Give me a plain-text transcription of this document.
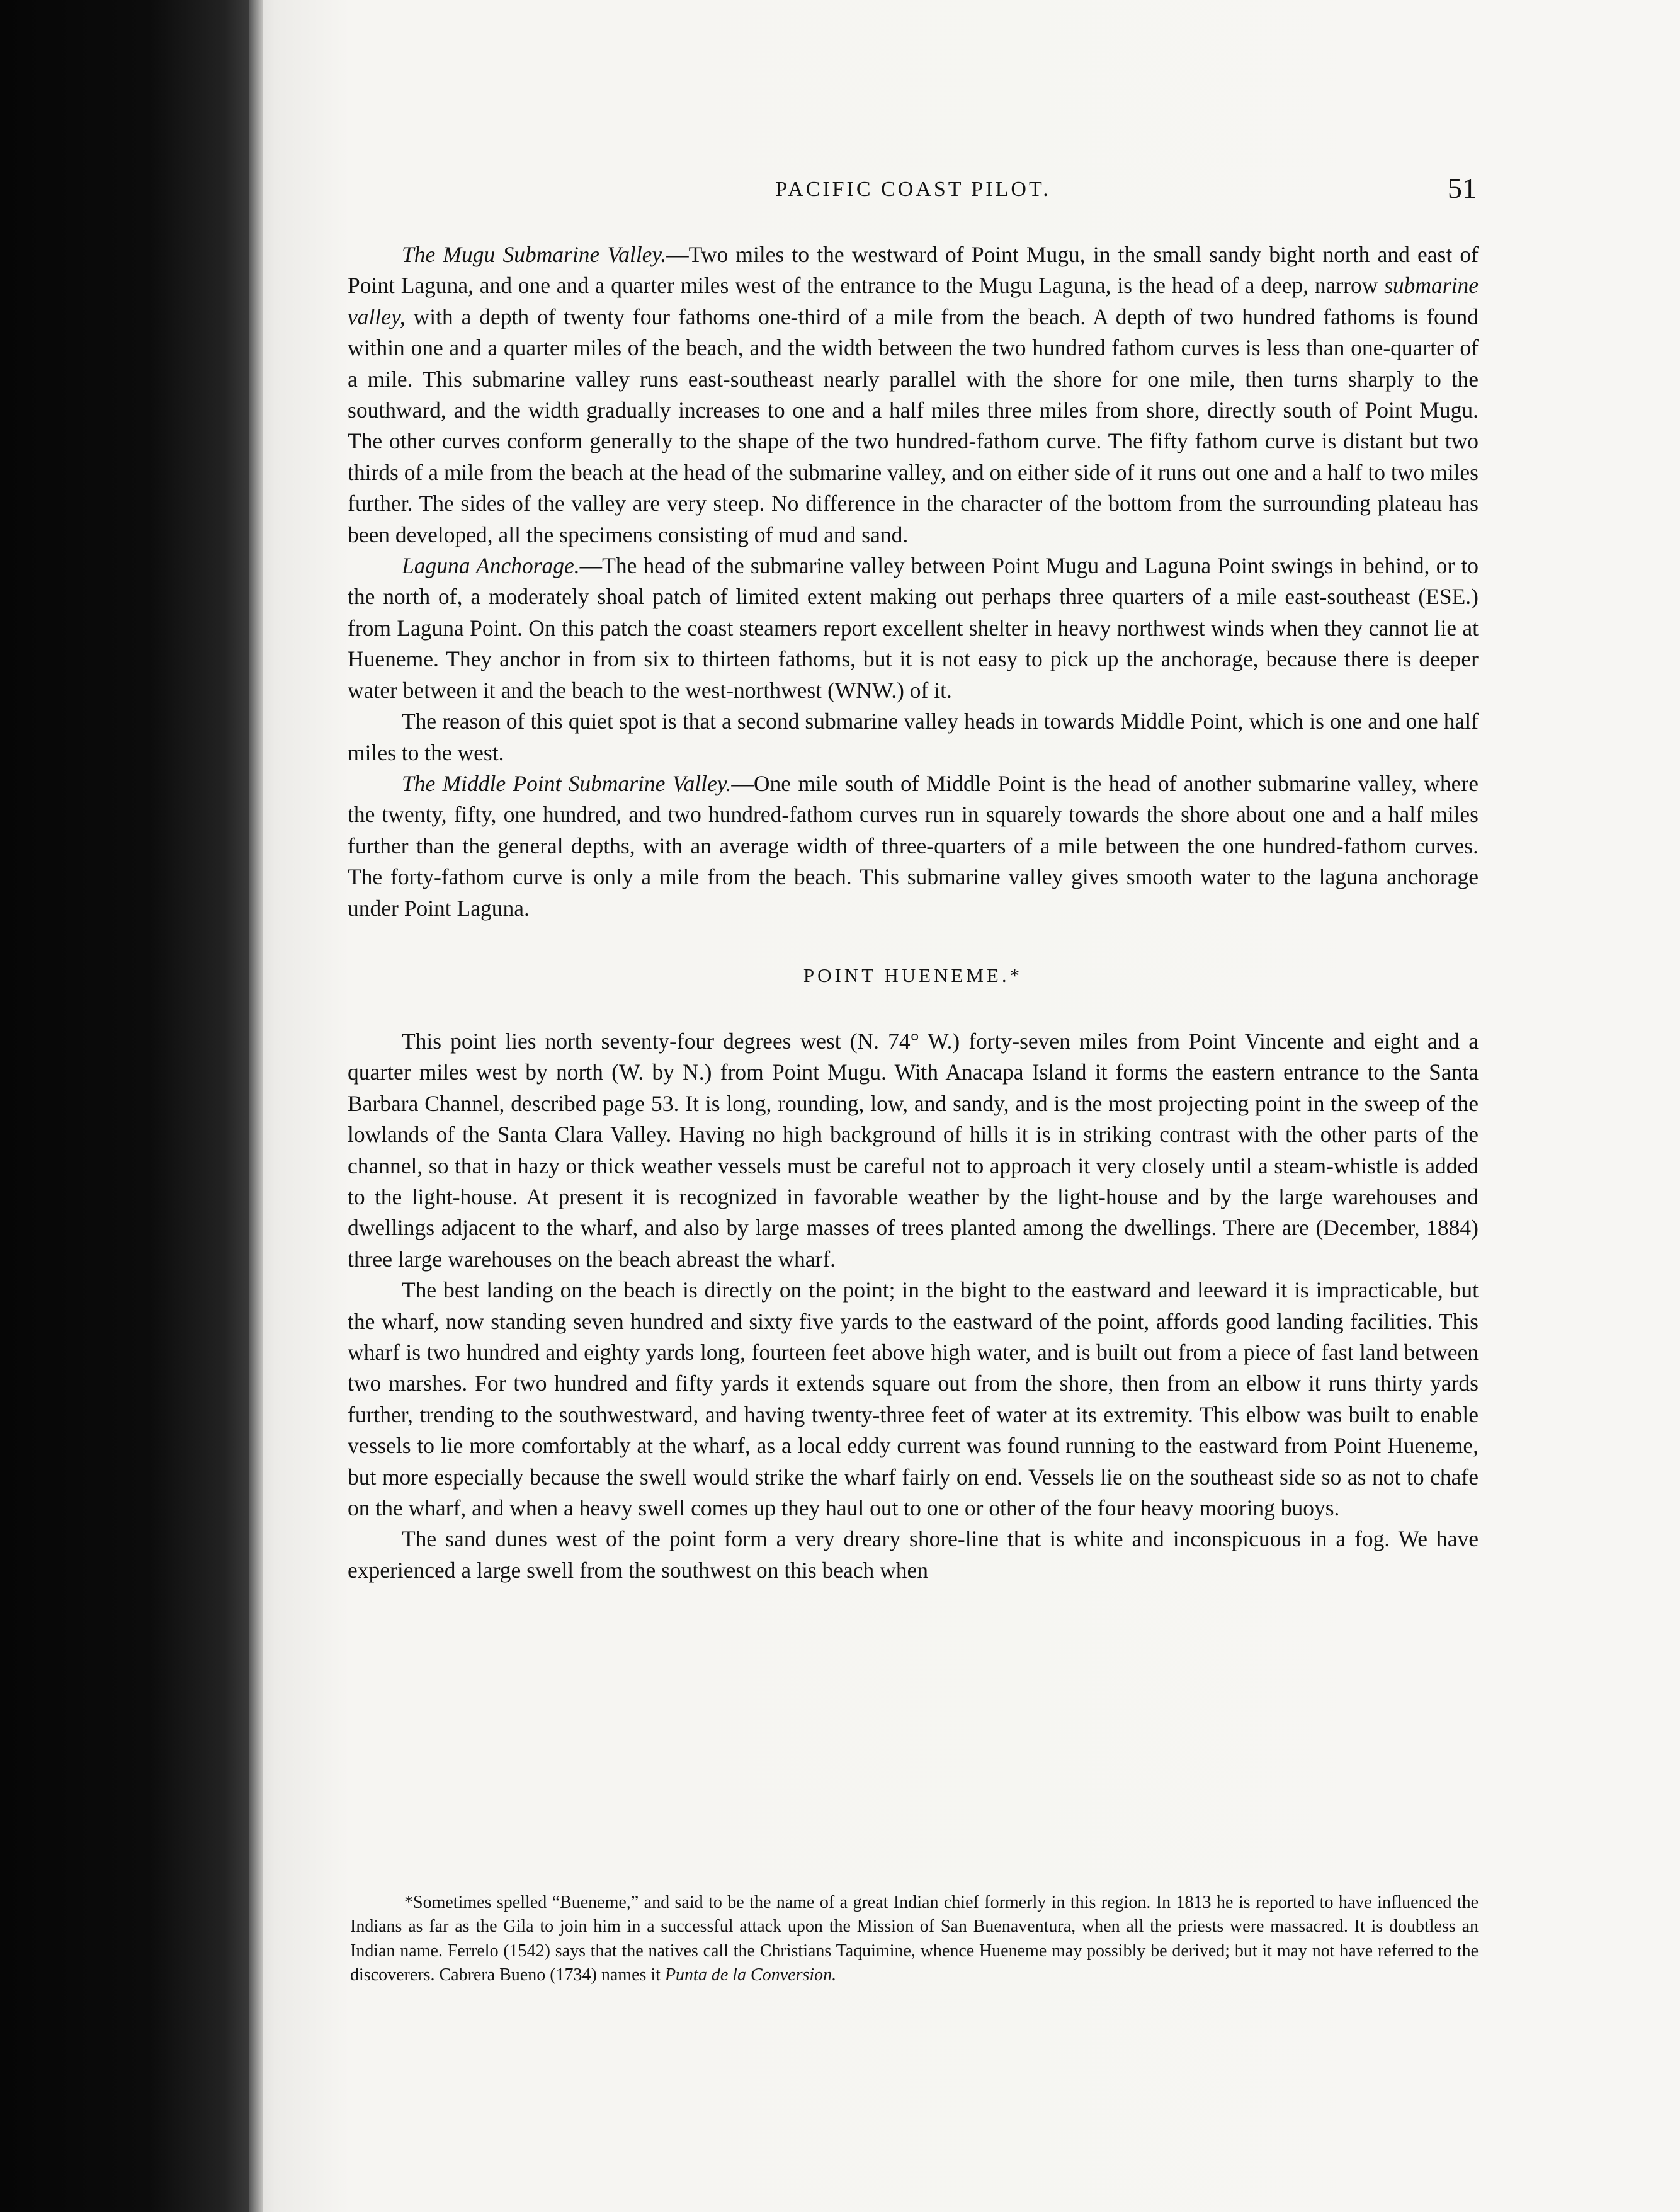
PACIFIC COAST PILOT.	51

The Mugu Submarine Valley.—Two miles to the westward of Point Mugu, in the small sandy bight north and east of Point Laguna, and one and a quarter miles west of the entrance to the Mugu Laguna, is the head of a deep, narrow submarine valley, with a depth of twenty four fathoms one-third of a mile from the beach. A depth of two hundred fathoms is found within one and a quarter miles of the beach, and the width between the two hundred fathom curves is less than one-quarter of a mile. This submarine valley runs east-southeast nearly parallel with the shore for one mile, then turns sharply to the southward, and the width gradually increases to one and a half miles three miles from shore, directly south of Point Mugu. The other curves conform generally to the shape of the two hundred-fathom curve. The fifty fathom curve is distant but two thirds of a mile from the beach at the head of the submarine valley, and on either side of it runs out one and a half to two miles further. The sides of the valley are very steep. No difference in the character of the bottom from the surrounding plateau has been developed, all the specimens consisting of mud and sand.

Laguna Anchorage.—The head of the submarine valley between Point Mugu and Laguna Point swings in behind, or to the north of, a moderately shoal patch of limited extent making out perhaps three quarters of a mile east-southeast (ESE.) from Laguna Point. On this patch the coast steamers report excellent shelter in heavy northwest winds when they cannot lie at Hueneme. They anchor in from six to thirteen fathoms, but it is not easy to pick up the anchorage, because there is deeper water between it and the beach to the west-northwest (WNW.) of it.

The reason of this quiet spot is that a second submarine valley heads in towards Middle Point, which is one and one half miles to the west.

The Middle Point Submarine Valley.—One mile south of Middle Point is the head of another submarine valley, where the twenty, fifty, one hundred, and two hundred-fathom curves run in squarely towards the shore about one and a half miles further than the general depths, with an average width of three-quarters of a mile between the one hundred-fathom curves. The forty-fathom curve is only a mile from the beach. This submarine valley gives smooth water to the laguna anchorage under Point Laguna.

POINT HUENEME.*

This point lies north seventy-four degrees west (N. 74° W.) forty-seven miles from Point Vincente and eight and a quarter miles west by north (W. by N.) from Point Mugu. With Anacapa Island it forms the eastern entrance to the Santa Barbara Channel, described page 53. It is long, rounding, low, and sandy, and is the most projecting point in the sweep of the lowlands of the Santa Clara Valley. Having no high background of hills it is in striking contrast with the other parts of the channel, so that in hazy or thick weather vessels must be careful not to approach it very closely until a steam-whistle is added to the light-house. At present it is recognized in favorable weather by the light-house and by the large warehouses and dwellings adjacent to the wharf, and also by large masses of trees planted among the dwellings. There are (December, 1884) three large warehouses on the beach abreast the wharf.

The best landing on the beach is directly on the point; in the bight to the eastward and leeward it is impracticable, but the wharf, now standing seven hundred and sixty five yards to the eastward of the point, affords good landing facilities. This wharf is two hundred and eighty yards long, fourteen feet above high water, and is built out from a piece of fast land between two marshes. For two hundred and fifty yards it extends square out from the shore, then from an elbow it runs thirty yards further, trending to the southwestward, and having twenty-three feet of water at its extremity. This elbow was built to enable vessels to lie more comfortably at the wharf, as a local eddy current was found running to the eastward from Point Hueneme, but more especially because the swell would strike the wharf fairly on end. Vessels lie on the southeast side so as not to chafe on the wharf, and when a heavy swell comes up they haul out to one or other of the four heavy mooring buoys.

The sand dunes west of the point form a very dreary shore-line that is white and inconspicuous in a fog. We have experienced a large swell from the southwest on this beach when

*Sometimes spelled “Bueneme,” and said to be the name of a great Indian chief formerly in this region. In 1813 he is reported to have influenced the Indians as far as the Gila to join him in a successful attack upon the Mission of San Buenaventura, when all the priests were massacred. It is doubtless an Indian name. Ferrelo (1542) says that the natives call the Christians Taquimine, whence Hueneme may possibly be derived; but it may not have referred to the discoverers. Cabrera Bueno (1734) names it Punta de la Conversion.
